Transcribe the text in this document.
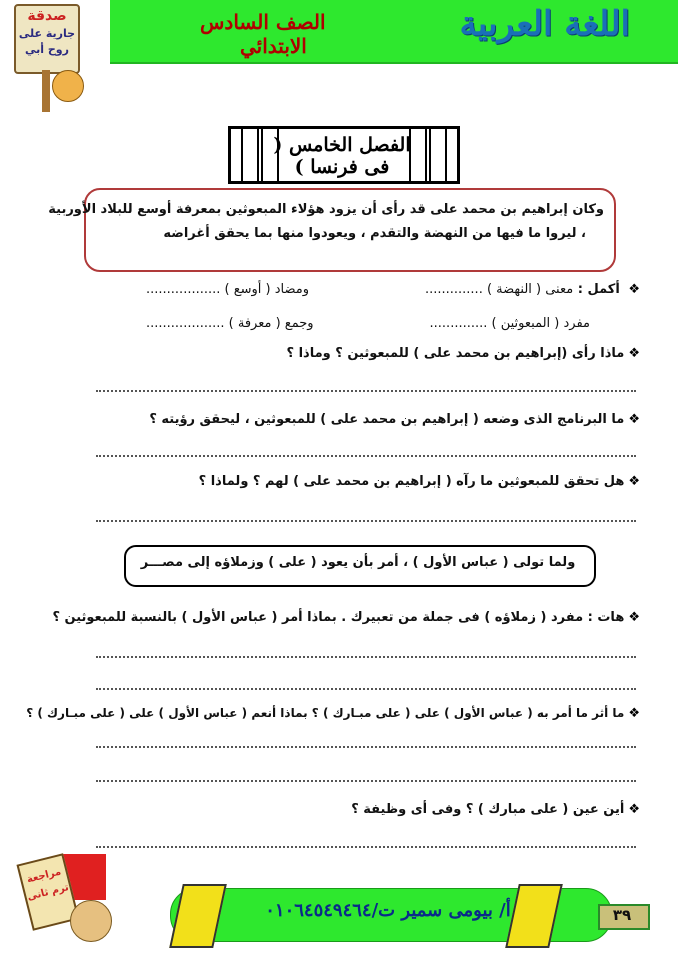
اللغة العربية
الصف السادس
الابتدائي
صدقة
جارية على
روح أبي
الفصل الخامس ( فى فرنسا )
وكان إبراهيم بن محمد على قد رأى أن يزود هؤلاء المبعوثين بمعرفة أوسع للبلاد الأوربية
، ليروا ما فيها من النهضة والتقدم ، ويعودوا منها بما يحقق أغراضه
❖ أكمل : معنى ( النهضة ) ..............
ومضاد ( أوسع ) ..................
مفرد ( المبعوثين ) ..............
وجمع ( معرفة ) ...................
❖ماذا رأى (إبراهيم بن محمد على ) للمبعوثين ؟ وماذا ؟
❖ما البرنامج الذى وضعه ( إبراهيم بن محمد على ) للمبعوثين ، ليحقق رؤيته ؟
❖هل تحقق للمبعوثين ما رآه ( إبراهيم بن محمد على ) لهم ؟ ولماذا ؟
ولما تولى ( عباس الأول ) ، أمر بأن يعود ( على ) وزملاؤه إلى مصـــر
❖هات : مفرد ( زملاؤه ) فى جملة من تعبيرك . بماذا أمر ( عباس الأول ) بالنسبة للمبعوثين ؟
❖ما أثر ما أمر به ( عباس الأول ) على ( على مبـارك ) ؟ بماذا أنعم ( عباس الأول ) على ( على مبـارك ) ؟
❖أين عين ( على مبارك ) ؟ وفى أى وظيفة ؟
أ/ بيومى سمير ت/٠١٠٦٤٥٤٩٤٦٤	٣٩
مراجعة
ترم ثانى
